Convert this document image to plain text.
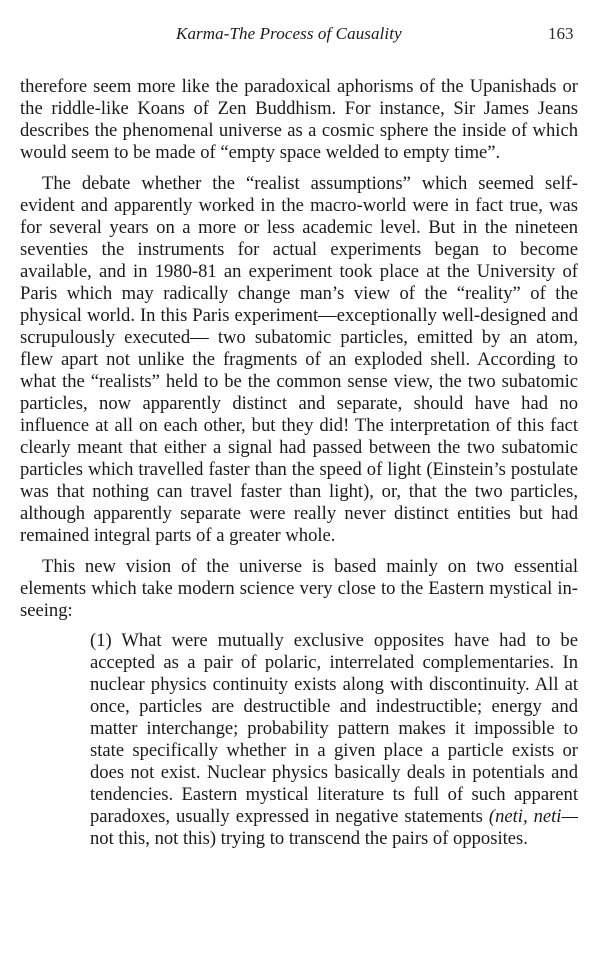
Karma-The Process of Causality	163

therefore seem more like the paradoxical aphorisms of the Upanishads or the riddle-like Koans of Zen Buddhism. For instance, Sir James Jeans describes the phenomenal universe as a cosmic sphere the inside of which would seem to be made of “empty space welded to empty time”.

The debate whether the “realist assumptions” which seemed self-evident and apparently worked in the macro-world were in fact true, was for several years on a more or less academic level. But in the nineteen seventies the instruments for actual experiments began to become available, and in 1980-81 an experiment took place at the University of Paris which may radically change man’s view of the “reality” of the physical world. In this Paris experiment—exceptionally well-designed and scrupulously executed— two subatomic particles, emitted by an atom, flew apart not unlike the fragments of an exploded shell. According to what the “realists” held to be the common sense view, the two subatomic particles, now apparently distinct and separate, should have had no influence at all on each other, but they did! The interpretation of this fact clearly meant that either a signal had passed between the two subatomic particles which travelled faster than the speed of light (Einstein’s postulate was that nothing can travel faster than light), or, that the two particles, although apparently separate were really never distinct entities but had remained integral parts of a greater whole.

This new vision of the universe is based mainly on two essential elements which take modern science very close to the Eastern mystical in-seeing:

(1) What were mutually exclusive opposites have had to be accepted as a pair of polaric, interrelated complementaries. In nuclear physics continuity exists along with discontinuity. All at once, particles are destructible and indestructible; energy and matter interchange; probability pattern makes it impossible to state specifically whether in a given place a particle exists or does not exist. Nuclear physics basically deals in potentials and tendencies. Eastern mystical literature ts full of such apparent paradoxes, usually expressed in negative statements (neti, neti— not this, not this) trying to transcend the pairs of opposites.
